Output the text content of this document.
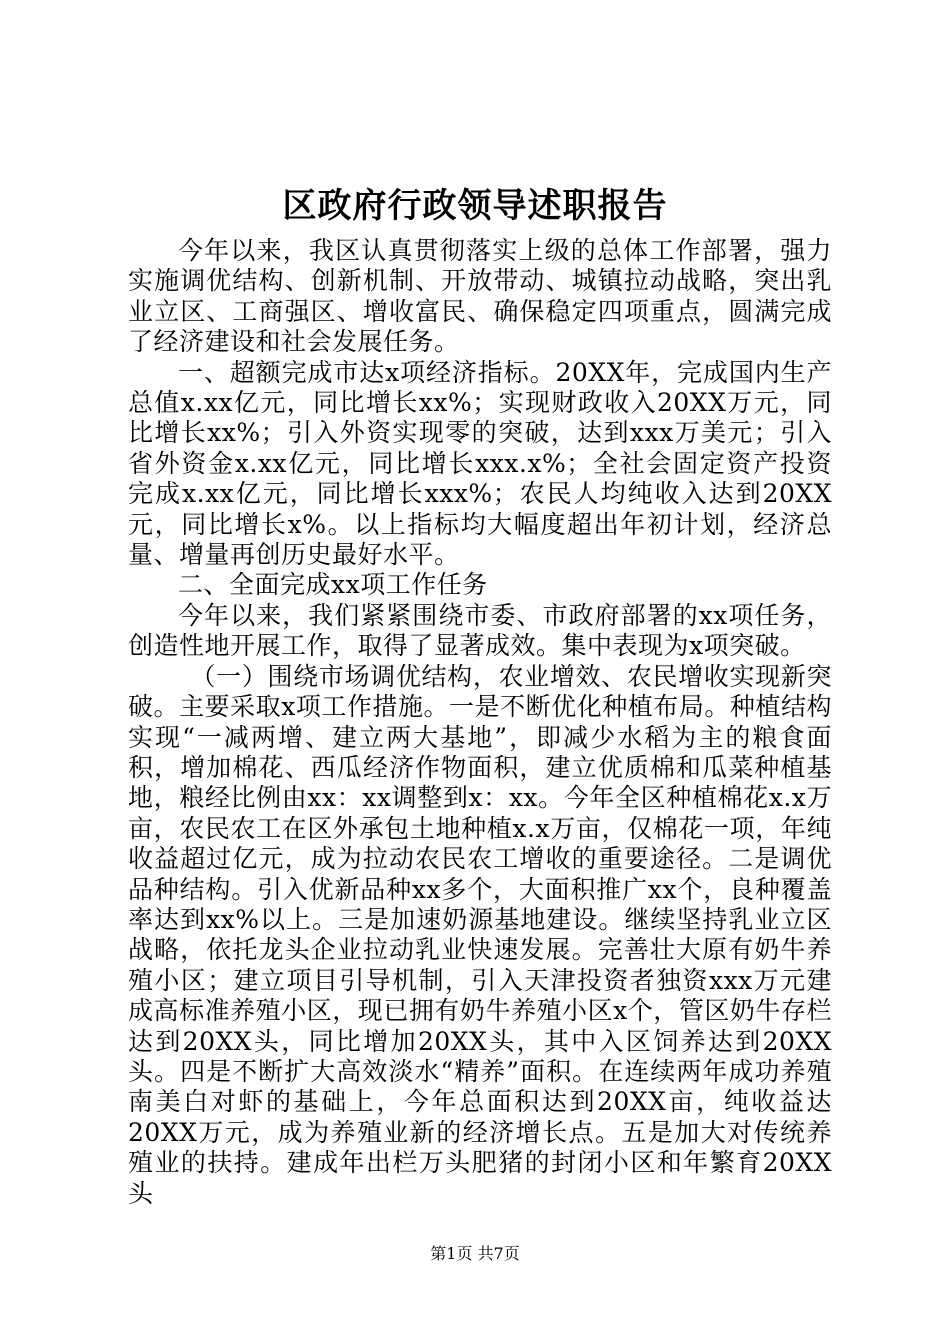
区政府行政领导述职报告

今年以来，我区认真贯彻落实上级的总体工作部署，强力实施调优结构、创新机制、开放带动、城镇拉动战略，突出乳业立区、工商强区、增收富民、确保稳定四项重点，圆满完成了经济建设和社会发展任务。

一、超额完成市达x项经济指标。20XX年，完成国内生产总值x.xx亿元，同比增长xx%；实现财政收入20XX万元，同比增长xx%；引入外资实现零的突破，达到xxx万美元；引入省外资金x.xx亿元，同比增长xxx.x%；全社会固定资产投资完成x.xx亿元，同比增长xxx%；农民人均纯收入达到20XX元，同比增长x%。以上指标均大幅度超出年初计划，经济总量、增量再创历史最好水平。

二、全面完成xx项工作任务

今年以来，我们紧紧围绕市委、市政府部署的xx项任务，创造性地开展工作，取得了显著成效。集中表现为x项突破。

（一）围绕市场调优结构，农业增效、农民增收实现新突破。主要采取x项工作措施。一是不断优化种植布局。种植结构实现“一减两增、建立两大基地”，即减少水稻为主的粮食面积，增加棉花、西瓜经济作物面积，建立优质棉和瓜菜种植基地，粮经比例由xx：xx调整到x：xx。今年全区种植棉花x.x万亩，农民农工在区外承包土地种植x.x万亩，仅棉花一项，年纯收益超过亿元，成为拉动农民农工增收的重要途径。二是调优品种结构。引入优新品种xx多个，大面积推广xx个，良种覆盖率达到xx%以上。三是加速奶源基地建设。继续坚持乳业立区战略，依托龙头企业拉动乳业快速发展。完善壮大原有奶牛养殖小区；建立项目引导机制，引入天津投资者独资xxx万元建成高标准养殖小区，现已拥有奶牛养殖小区x个，管区奶牛存栏达到20XX头，同比增加20XX头，其中入区饲养达到20XX头。四是不断扩大高效淡水“精养”面积。在连续两年成功养殖南美白对虾的基础上，今年总面积达到20XX亩，纯收益达20XX万元，成为养殖业新的经济增长点。五是加大对传统养殖业的扶持。建成年出栏万头肥猪的封闭小区和年繁育20XX头

第1页 共7页
